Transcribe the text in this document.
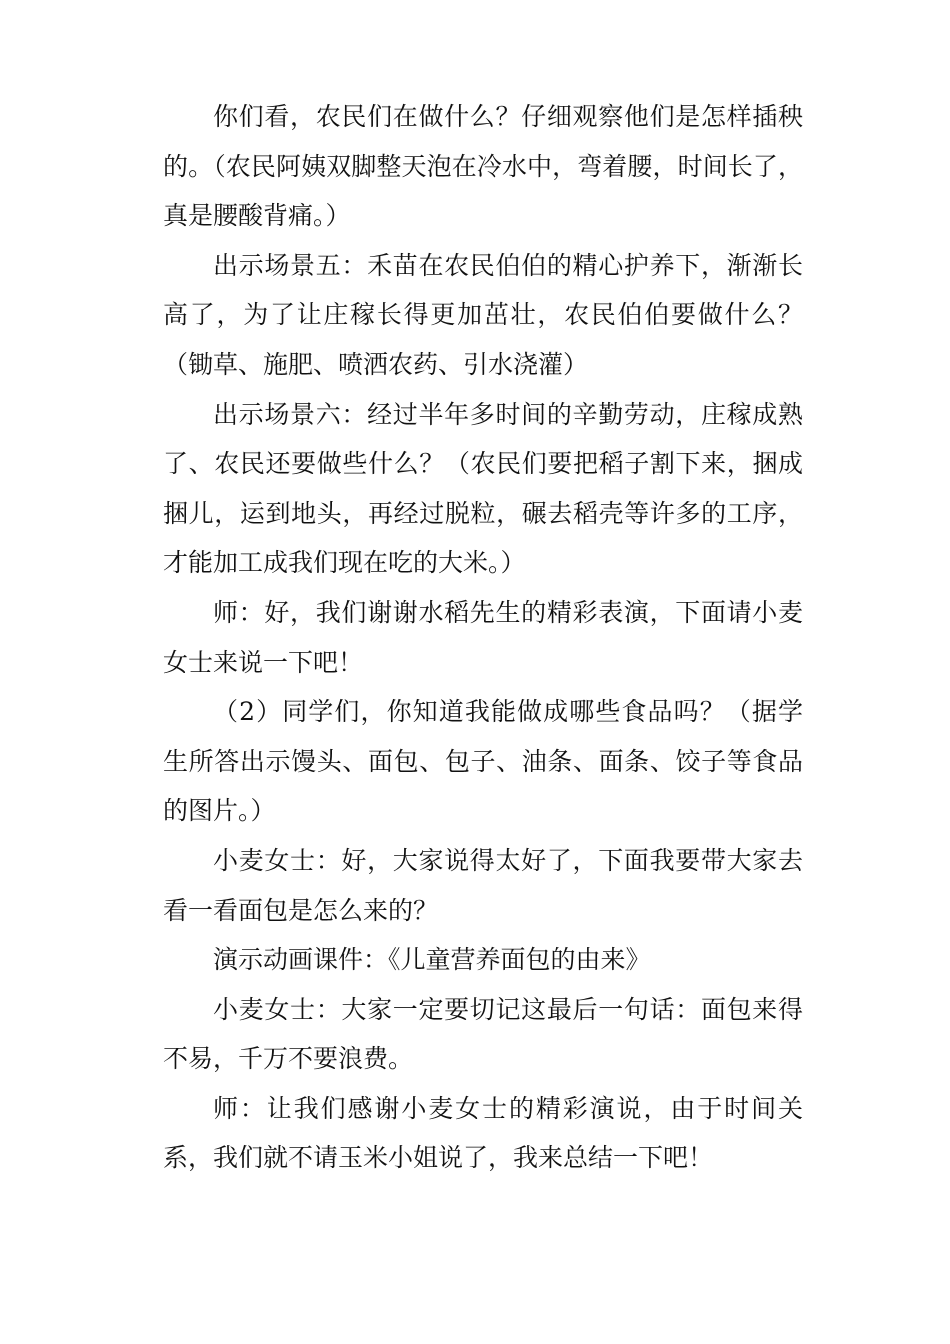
你们看，农民们在做什么？仔细观察他们是怎样插秧的。（农民阿姨双脚整天泡在冷水中，弯着腰，时间长了，真是腰酸背痛。）

出示场景五：禾苗在农民伯伯的精心护养下，渐渐长高了，为了让庄稼长得更加茁壮，农民伯伯要做什么？（锄草、施肥、喷洒农药、引水浇灌）

出示场景六：经过半年多时间的辛勤劳动，庄稼成熟了、农民还要做些什么？（农民们要把稻子割下来，捆成捆儿，运到地头，再经过脱粒，碾去稻壳等许多的工序，才能加工成我们现在吃的大米。）

师：好，我们谢谢水稻先生的精彩表演，下面请小麦女士来说一下吧！

（2）同学们，你知道我能做成哪些食品吗？（据学生所答出示馒头、面包、包子、油条、面条、饺子等食品的图片。）

小麦女士：好，大家说得太好了，下面我要带大家去看一看面包是怎么来的？

演示动画课件：《儿童营养面包的由来》

小麦女士：大家一定要切记这最后一句话：面包来得不易，千万不要浪费。

师：让我们感谢小麦女士的精彩演说，由于时间关系，我们就不请玉米小姐说了，我来总结一下吧！
